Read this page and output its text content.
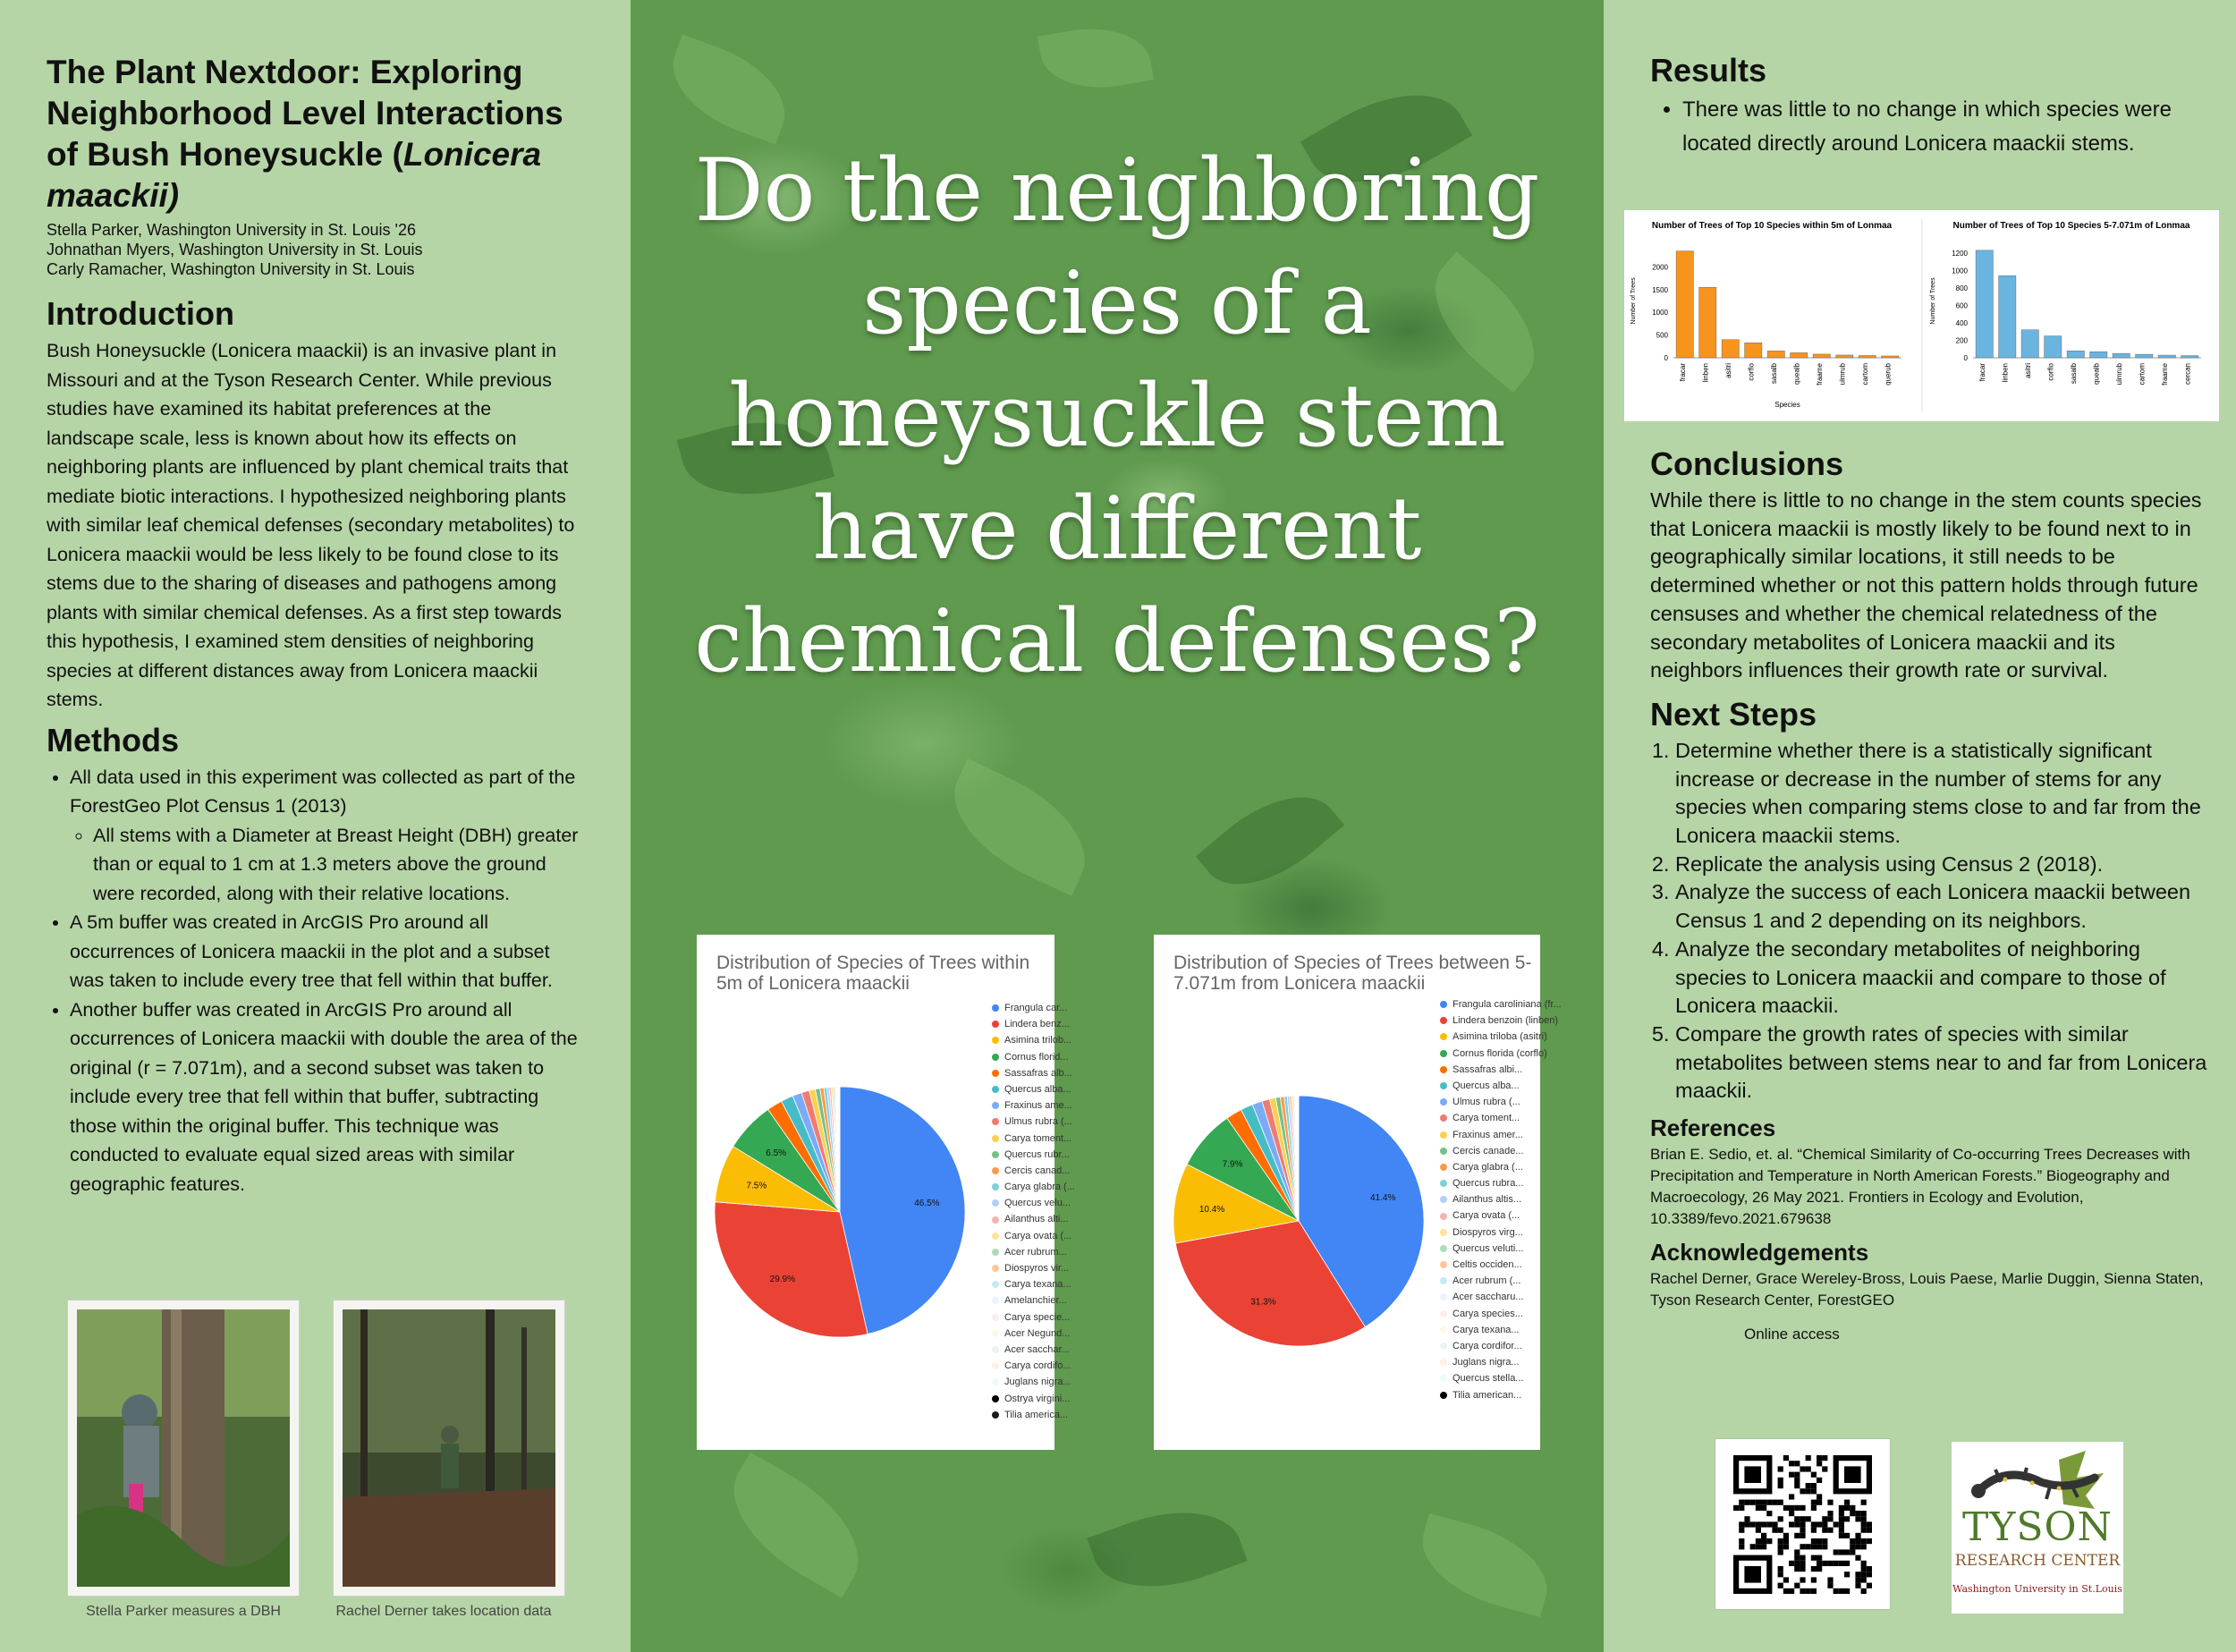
The Plant Nextdoor: Exploring Neighborhood Level Interactions of Bush Honeysuckle (Lonicera maackii)
Stella Parker, Washington University in St. Louis '26
Johnathan Myers, Washington University in St. Louis
Carly Ramacher, Washington University in St. Louis
Introduction
Bush Honeysuckle (Lonicera maackii) is an invasive plant in Missouri and at the Tyson Research Center. While previous studies have examined its habitat preferences at the landscape scale, less is known about how its effects on neighboring plants are influenced by plant chemical traits that mediate biotic interactions. I hypothesized neighboring plants with similar leaf chemical defenses (secondary metabolites) to Lonicera maackii would be less likely to be found close to its stems due to the sharing of diseases and pathogens among plants with similar chemical defenses. As a first step towards this hypothesis, I examined stem densities of neighboring species at different distances away from Lonicera maackii stems.
Methods
• All data used in this experiment was collected as part of the ForestGeo Plot Census 1 (2013)
◦ All stems with a Diameter at Breast Height (DBH) greater than or equal to 1 cm at 1.3 meters above the ground were recorded, along with their relative locations.
• A 5m buffer was created in ArcGIS Pro around all occurrences of Lonicera maackii in the plot and a subset was taken to include every tree that fell within that buffer.
• Another buffer was created in ArcGIS Pro around all occurrences of Lonicera maackii with double the area of the original (r = 7.071m), and a second subset was taken to include every tree that fell within that buffer, subtracting those within the original buffer. This technique was conducted to evaluate equal sized areas with similar geographic features.
Stella Parker measures a DBH	Rachel Derner takes location data
Do the neighboring species of a honeysuckle stem have different chemical defenses?
Distribution of Species of Trees within 5m of Lonicera maackii
46.5%
29.9%
7.5%
6.5%
Frangula car...
Lindera benz...
Asimina trilob...
Cornus florid...
Sassafras alb...
Quercus alba...
Fraxinus ame...
Ulmus rubra (...
Carya toment...
Quercus rubr...
Cercis canad...
Carya glabra (...
Quercus velu...
Ailanthus alti...
Carya ovata (...
Acer rubrum...
Diospyros vir...
Carya texana...
Amelanchier...
Carya specie...
Acer Negund...
Acer sacchar...
Carya cordifo...
Juglans nigra...
Ostrya virgini...
Tilia america...
Distribution of Species of Trees between 5-7.071m from Lonicera maackii
41.4%
31.3%
10.4%
7.9%
Frangula caroliniana (fr...
Lindera benzoin (linben)
Asimina triloba (asitri)
Cornus florida (corflo)
Sassafras albi...
Quercus alba...
Ulmus rubra (...
Carya toment...
Fraxinus amer...
Cercis canade...
Carya glabra (...
Quercus rubra...
Ailanthus altis...
Carya ovata (...
Diospyros virg...
Quercus veluti...
Celtis occiden...
Acer rubrum (...
Acer saccharu...
Carya species...
Carya texana...
Carya cordifor...
Juglans nigra...
Quercus stella...
Tilia american...
Results
• There was little to no change in which species were located directly around Lonicera maackii stems.
Conclusions
While there is little to no change in the stem counts species that Lonicera maackii is mostly likely to be found next to in geographically similar locations, it still needs to be determined whether or not this pattern holds through future censuses and whether the chemical relatedness of the secondary metabolites of Lonicera maackii and its neighbors influences their growth rate or survival.
Next Steps
1. Determine whether there is a statistically significant increase or decrease in the number of stems for any species when comparing stems close to and far from the Lonicera maackii stems.
2. Replicate the analysis using Census 2 (2018).
3. Analyze the success of each Lonicera maackii between Census 1 and 2 depending on its neighbors.
4. Analyze the secondary metabolites of neighboring species to Lonicera maackii and compare to those of Lonicera maackii.
5. Compare the growth rates of species with similar metabolites between stems near to and far from Lonicera maackii.
References
Brian E. Sedio, et. al. “Chemical Similarity of Co-occurring Trees Decreases with Precipitation and Temperature in North American Forests.” Biogeography and Macroecology, 26 May 2021. Frontiers in Ecology and Evolution, 10.3389/fevo.2021.679638
Acknowledgements
Rachel Derner, Grace Wereley-Bross, Louis Paese, Marlie Duggin, Sienna Staten, Tyson Research Center, ForestGEO
Online access
Number of Trees of Top 10 Species within 5m of Lonmaa
0
500
1000
1500
2000
Number of Trees
fracar linben asitri corflo sasalb quealb fraame ulmrub cartom querub
Species
Number of Trees of Top 10 Species 5-7.071m of Lonmaa
0
200
400
600
800
1000
1200
Number of Trees
fracar linben asitri corflo sasalb quealb ulmrub cartom fraame cercan
TYSON
RESEARCH CENTER
Washington University in St.Louis
